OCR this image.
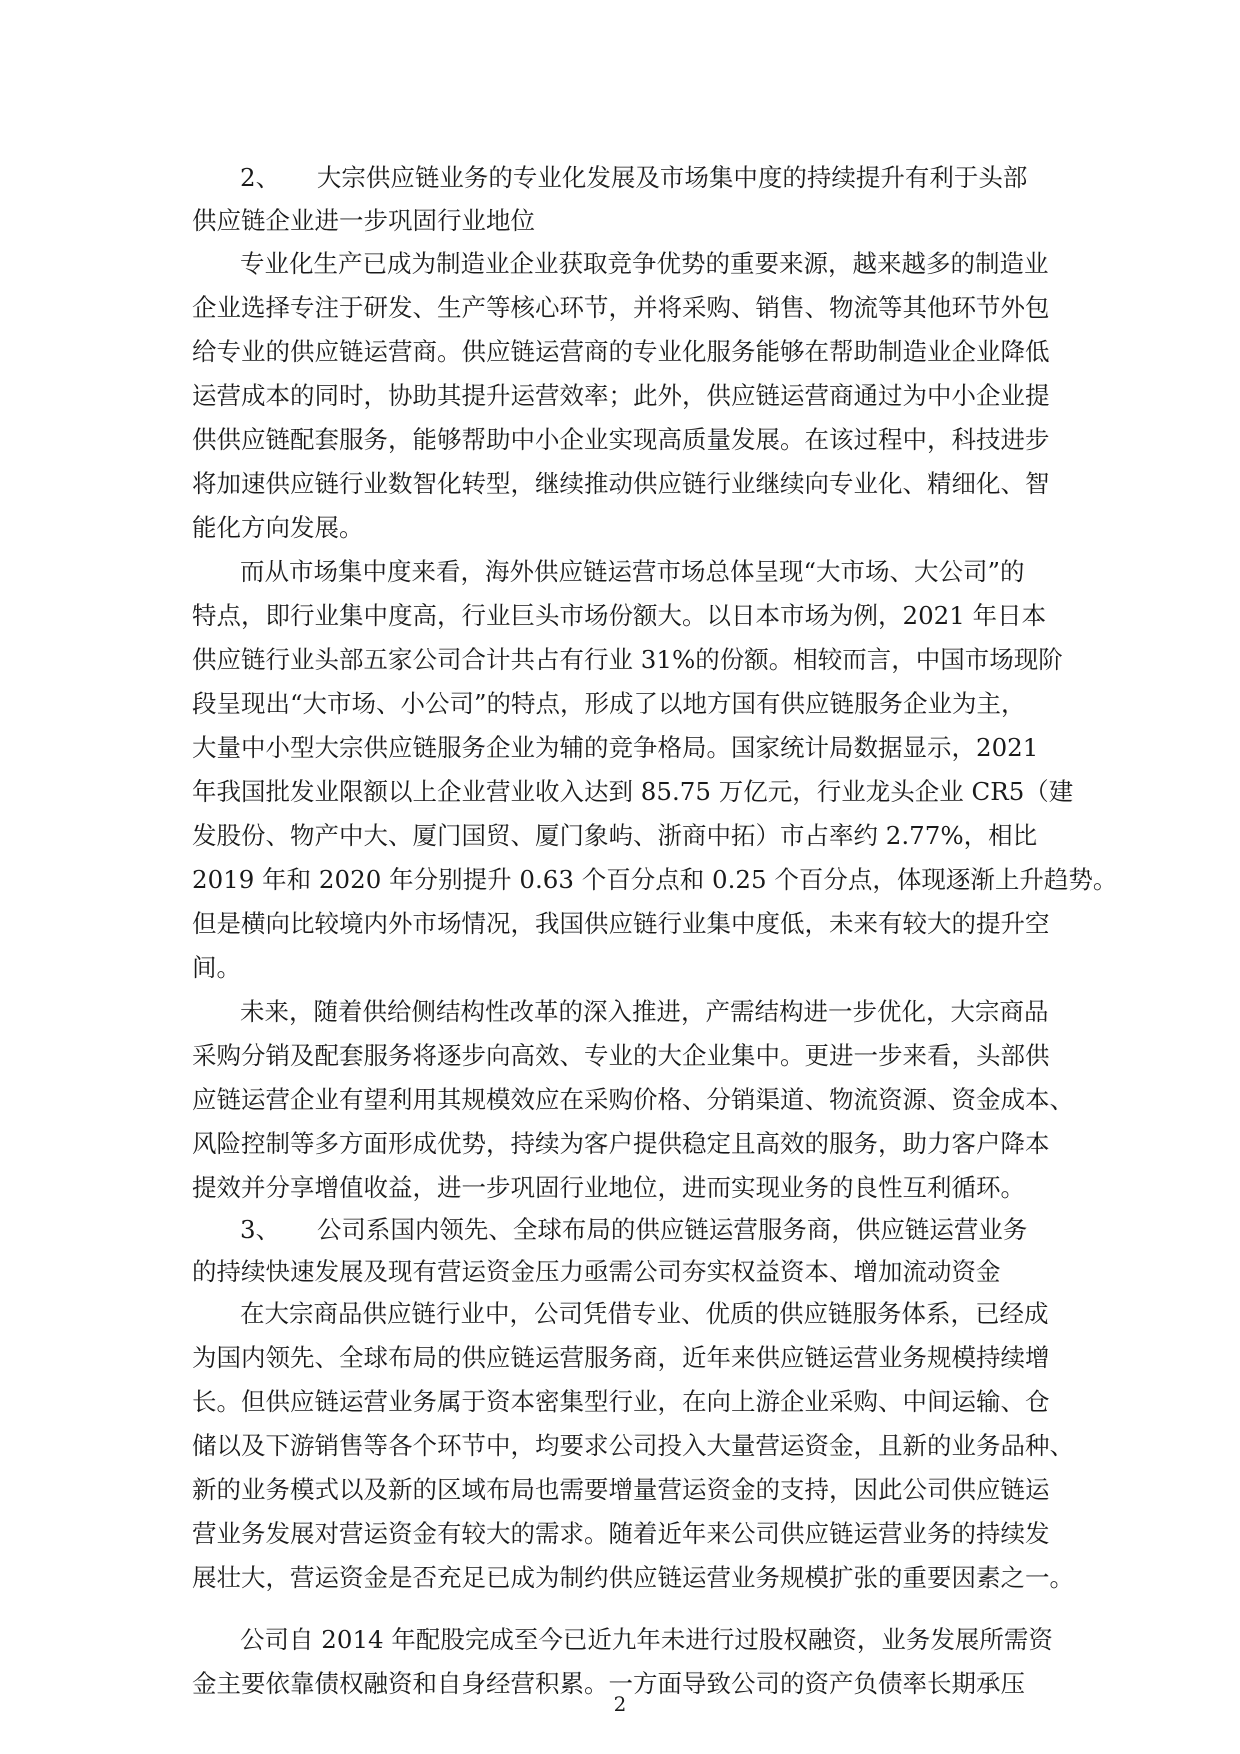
2、　　大宗供应链业务的专业化发展及市场集中度的持续提升有利于头部
供应链企业进一步巩固行业地位
专业化生产已成为制造业企业获取竞争优势的重要来源，越来越多的制造业
企业选择专注于研发、生产等核心环节，并将采购、销售、物流等其他环节外包
给专业的供应链运营商。供应链运营商的专业化服务能够在帮助制造业企业降低
运营成本的同时，协助其提升运营效率；此外，供应链运营商通过为中小企业提
供供应链配套服务，能够帮助中小企业实现高质量发展。在该过程中，科技进步
将加速供应链行业数智化转型，继续推动供应链行业继续向专业化、精细化、智
能化方向发展。
而从市场集中度来看，海外供应链运营市场总体呈现“大市场、大公司”的
特点，即行业集中度高，行业巨头市场份额大。以日本市场为例，2021 年日本
供应链行业头部五家公司合计共占有行业 31%的份额。相较而言，中国市场现阶
段呈现出“大市场、小公司”的特点，形成了以地方国有供应链服务企业为主，
大量中小型大宗供应链服务企业为辅的竞争格局。国家统计局数据显示，2021
年我国批发业限额以上企业营业收入达到 85.75 万亿元，行业龙头企业 CR5（建
发股份、物产中大、厦门国贸、厦门象屿、浙商中拓）市占率约 2.77%，相比
2019 年和 2020 年分别提升 0.63 个百分点和 0.25 个百分点，体现逐渐上升趋势。
但是横向比较境内外市场情况，我国供应链行业集中度低，未来有较大的提升空
间。
未来，随着供给侧结构性改革的深入推进，产需结构进一步优化，大宗商品
采购分销及配套服务将逐步向高效、专业的大企业集中。更进一步来看，头部供
应链运营企业有望利用其规模效应在采购价格、分销渠道、物流资源、资金成本、
风险控制等多方面形成优势，持续为客户提供稳定且高效的服务，助力客户降本
提效并分享增值收益，进一步巩固行业地位，进而实现业务的良性互利循环。
3、　　公司系国内领先、全球布局的供应链运营服务商，供应链运营业务
的持续快速发展及现有营运资金压力亟需公司夯实权益资本、增加流动资金
在大宗商品供应链行业中，公司凭借专业、优质的供应链服务体系，已经成
为国内领先、全球布局的供应链运营服务商，近年来供应链运营业务规模持续增
长。但供应链运营业务属于资本密集型行业，在向上游企业采购、中间运输、仓
储以及下游销售等各个环节中，均要求公司投入大量营运资金，且新的业务品种、
新的业务模式以及新的区域布局也需要增量营运资金的支持，因此公司供应链运
营业务发展对营运资金有较大的需求。随着近年来公司供应链运营业务的持续发
展壮大，营运资金是否充足已成为制约供应链运营业务规模扩张的重要因素之一。
公司自 2014 年配股完成至今已近九年未进行过股权融资，业务发展所需资
金主要依靠债权融资和自身经营积累。一方面导致公司的资产负债率长期承压
2
